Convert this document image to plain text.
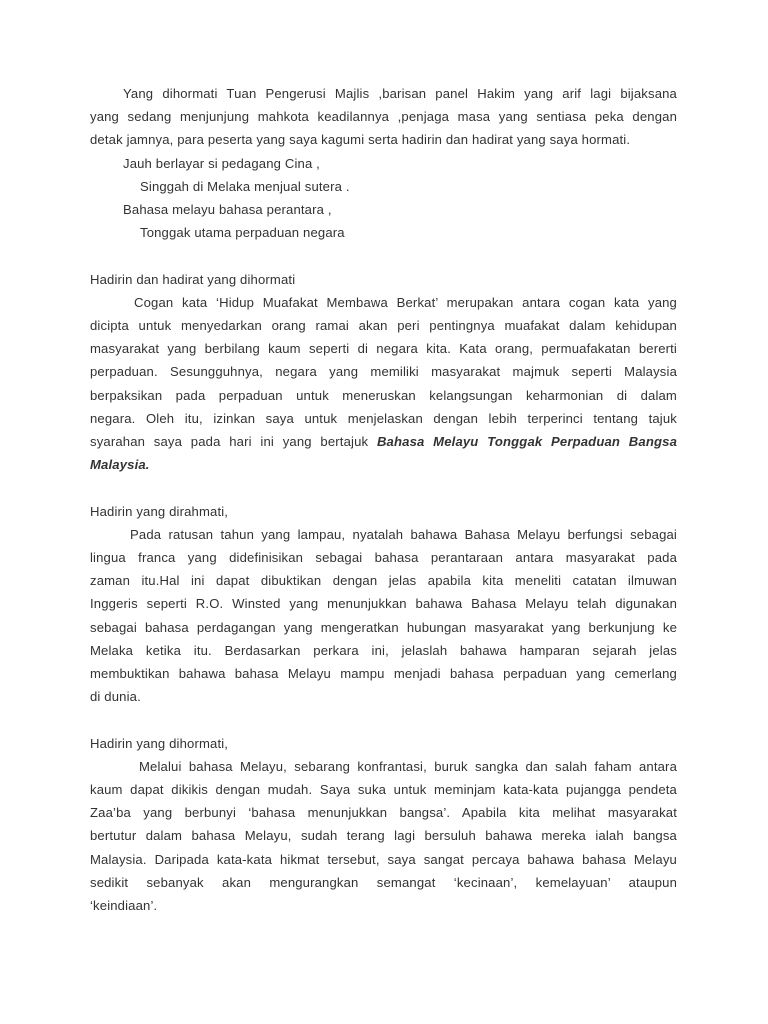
Yang dihormati Tuan Pengerusi Majlis ,barisan panel Hakim yang arif lagi bijaksana
yang sedang menjunjung mahkota keadilannya ,penjaga masa yang sentiasa peka dengan
detak jamnya, para peserta yang saya kagumi serta hadirin dan hadirat yang saya hormati.
Jauh berlayar si pedagang Cina ,
Singgah di Melaka menjual sutera .
Bahasa melayu bahasa perantara ,
Tonggak utama perpaduan negara
Hadirin dan hadirat yang dihormati
Cogan kata ‘Hidup Muafakat Membawa Berkat’ merupakan antara cogan kata yang
dicipta untuk menyedarkan orang ramai akan peri pentingnya muafakat dalam kehidupan
masyarakat yang berbilang kaum seperti di negara kita. Kata orang, permuafakatan bererti
perpaduan. Sesungguhnya, negara yang memiliki masyarakat majmuk seperti Malaysia
berpaksikan pada perpaduan untuk meneruskan kelangsungan keharmonian di dalam
negara. Oleh itu, izinkan saya untuk menjelaskan dengan lebih terperinci tentang tajuk
syarahan saya pada hari ini yang bertajuk Bahasa Melayu Tonggak Perpaduan Bangsa
Malaysia.
Hadirin yang dirahmati,
Pada ratusan tahun yang lampau, nyatalah bahawa Bahasa Melayu berfungsi sebagai
lingua franca yang didefinisikan sebagai bahasa perantaraan antara masyarakat pada
zaman itu.Hal ini dapat dibuktikan dengan jelas apabila kita meneliti catatan ilmuwan
Inggeris seperti R.O. Winsted yang menunjukkan bahawa Bahasa Melayu telah digunakan
sebagai bahasa perdagangan yang mengeratkan hubungan masyarakat yang berkunjung ke
Melaka ketika itu. Berdasarkan perkara ini, jelaslah bahawa hamparan sejarah jelas
membuktikan bahawa bahasa Melayu mampu menjadi bahasa perpaduan yang cemerlang
di dunia.
Hadirin yang dihormati,
Melalui bahasa Melayu, sebarang konfrantasi, buruk sangka dan salah faham antara
kaum dapat dikikis dengan mudah. Saya suka untuk meminjam kata-kata pujangga pendeta
Zaa’ba yang berbunyi ‘bahasa menunjukkan bangsa’. Apabila kita melihat masyarakat
bertutur dalam bahasa Melayu, sudah terang lagi bersuluh bahawa mereka ialah bangsa
Malaysia. Daripada kata-kata hikmat tersebut, saya sangat percaya bahawa bahasa Melayu
sedikit sebanyak akan mengurangkan semangat ‘kecinaan’, kemelayuan’ ataupun
‘keindiaan’.
